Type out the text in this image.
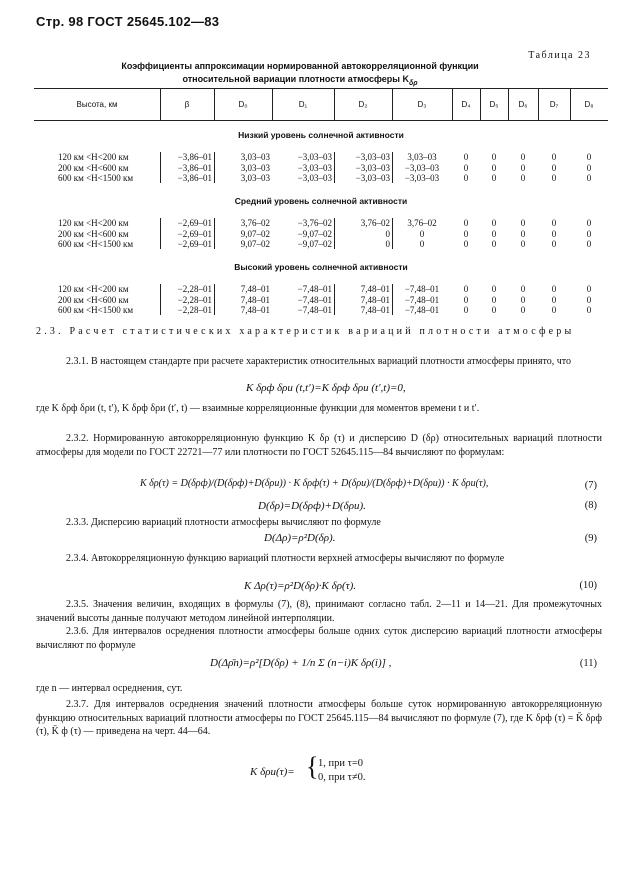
Стр. 98 ГОСТ 25645.102—83
Таблица 23
Коэффициенты аппроксимации нормированной автокорреляционной функции
относительной вариации плотности атмосферы $K_{\delta\rho}$
Высота, км	β	D₀	D₁	D₂	D₃	D₄	D₅	D₆	D₇	D₈
Низкий уровень солнечной активности
120 км <H<200 км	−3,86–01	3,03–03	−3,03–03	−3,03–03	3,03–03	0	0	0	0	0
200 км <H<600 км	−3,86–01	3,03–03	−3,03–03	−3,03–03	−3,03–03	0	0	0	0	0
600 км <H<1500 км	−3,86–01	3,03–03	−3,03–03	−3,03–03	−3,03–03	0	0	0	0	0
Средний уровень солнечной активности
120 км <H<200 км	−2,69–01	3,76–02	−3,76–02	3,76–02	3,76–02	0	0	0	0	0
200 км <H<600 км	−2,69–01	9,07–02	−9,07–02	0	0	0	0	0	0	0
600 км <H<1500 км	−2,69–01	9,07–02	−9,07–02	0	0	0	0	0	0	0
Высокий уровень солнечной активности
120 км <H<200 км	−2,28–01	7,48–01	−7,48–01	7,48–01	−7,48–01	0	0	0	0	0
200 км <H<600 км	−2,28–01	7,48–01	−7,48–01	7,48–01	−7,48–01	0	0	0	0	0
600 км <H<1500 км	−2,28–01	7,48–01	−7,48–01	7,48–01	−7,48–01	0	0	0	0	0
2.3. Расчет статистических характеристик вариаций плотности атмосферы
2.3.1. В настоящем стандарте при расчете характеристик относительных вариаций плотности атмосферы принято, что
K δρф δρи (t,t′)=K δρф δρи (t′,t)=0,
где K δρф δρи (t, t′), K δρф δρи (t′, t) — взаимные корреляционные функции для моментов времени t и t′.
2.3.2. Нормированную автокорреляционную функцию K δρ (τ) и дисперсию D (δρ) относительных вариаций плотности атмосферы для модели по ГОСТ 22721—77 или плотности по ГОСТ 52645.115—84 вычисляют по формулам:
K δρ(τ) = D(δρф)/(D(δρф)+D(δρи)) · K δρф(τ) + D(δρи)/(D(δρф)+D(δρи)) · K δρи(τ),	(7)
D(δρ)=D(δρф)+D(δρи).	(8)
2.3.3. Дисперсию вариаций плотности атмосферы вычисляют по формуле
D(Δρ)=ρ²D(δρ).	(9)
2.3.4. Автокорреляционную функцию вариаций плотности верхней атмосферы вычисляют по формуле
K Δρ(τ)=ρ²D(δρ)·K δρ(τ).	(10)
2.3.5. Значения величин, входящих в формулы (7), (8), принимают согласно табл. 2—11 и 14—21. Для промежуточных значений высоты данные получают методом линейной интерполяции.
2.3.6. Для интервалов осреднения плотности атмосферы больше одних суток дисперсию вариаций плотности атмосферы вычисляют по формуле
D(Δρ̄n)=ρ²[D(δρ) + 1/n Σ (n−i)K δρ(i)] ,	(11)
где n — интервал осреднения, сут.
2.3.7. Для интервалов осреднения значений плотности атмосферы больше суток нормированную автокорреляционную функцию относительных вариаций плотности атмосферы по ГОСТ 25645.115—84 вычисляют по формуле (7), где K δρф (τ) = K̄ δρф (τ), K̄ ф (τ) — приведена на черт. 44—64.
K δρи(τ)= { 1, при τ=0
0, при τ≠0.
